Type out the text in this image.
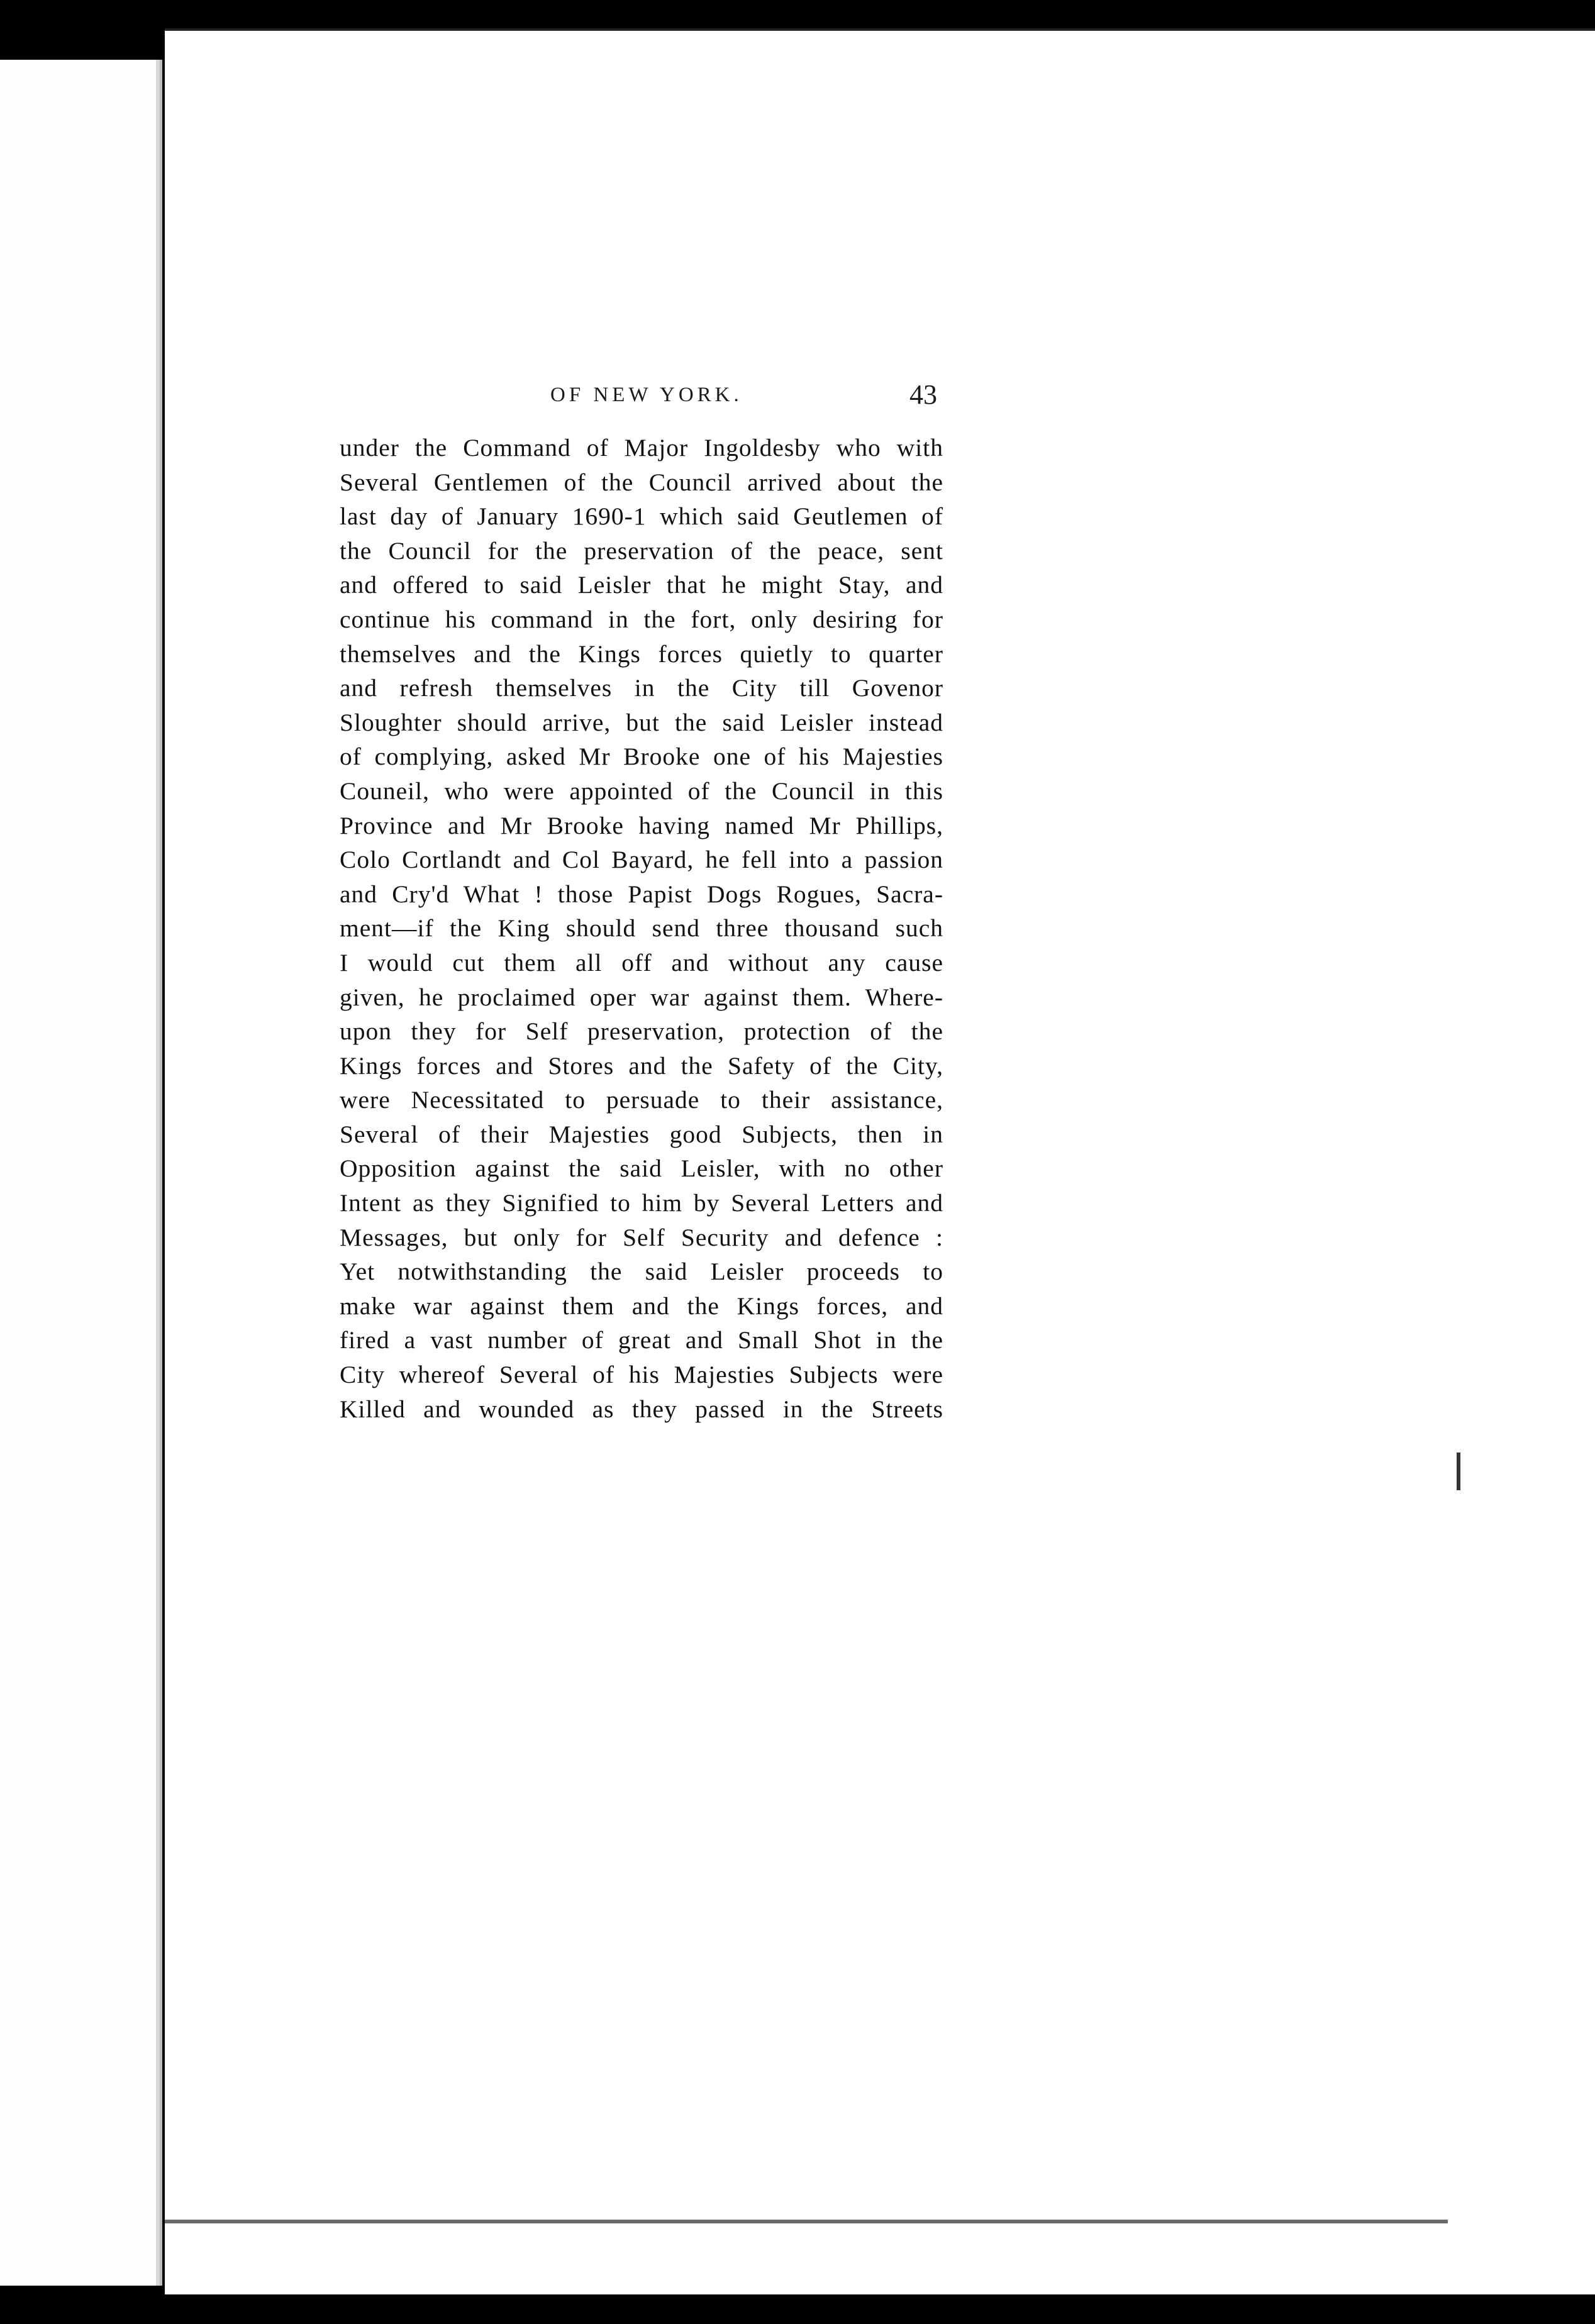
OF NEW YORK.	43
under the Command of Major Ingoldesby who with
Several Gentlemen of the Council arrived about the
last day of January 1690-1 which said Geutlemen of
the Council for the preservation of the peace, sent
and offered to said Leisler that he might Stay, and
continue his command in the fort, only desiring for
themselves and the Kings forces quietly to quarter
and refresh themselves in the City till Govenor
Sloughter should arrive, but the said Leisler instead
of complying, asked Mr Brooke one of his Majesties
Couneil, who were appointed of the Council in this
Province and Mr Brooke having named Mr Phillips,
Colo Cortlandt and Col Bayard, he fell into a passion
and Cry'd What ! those Papist Dogs Rogues, Sacra-
ment—if the King should send three thousand such
I would cut them all off and without any cause
given, he proclaimed oper war against them. Where-
upon they for Self preservation, protection of the
Kings forces and Stores and the Safety of the City,
were Necessitated to persuade to their assistance,
Several of their Majesties good Subjects, then in
Opposition against the said Leisler, with no other
Intent as they Signified to him by Several Letters and
Messages, but only for Self Security and defence :
Yet notwithstanding the said Leisler proceeds to
make war against them and the Kings forces, and
fired a vast number of great and Small Shot in the
City whereof Several of his Majesties Subjects were
Killed and wounded as they passed in the Streets
